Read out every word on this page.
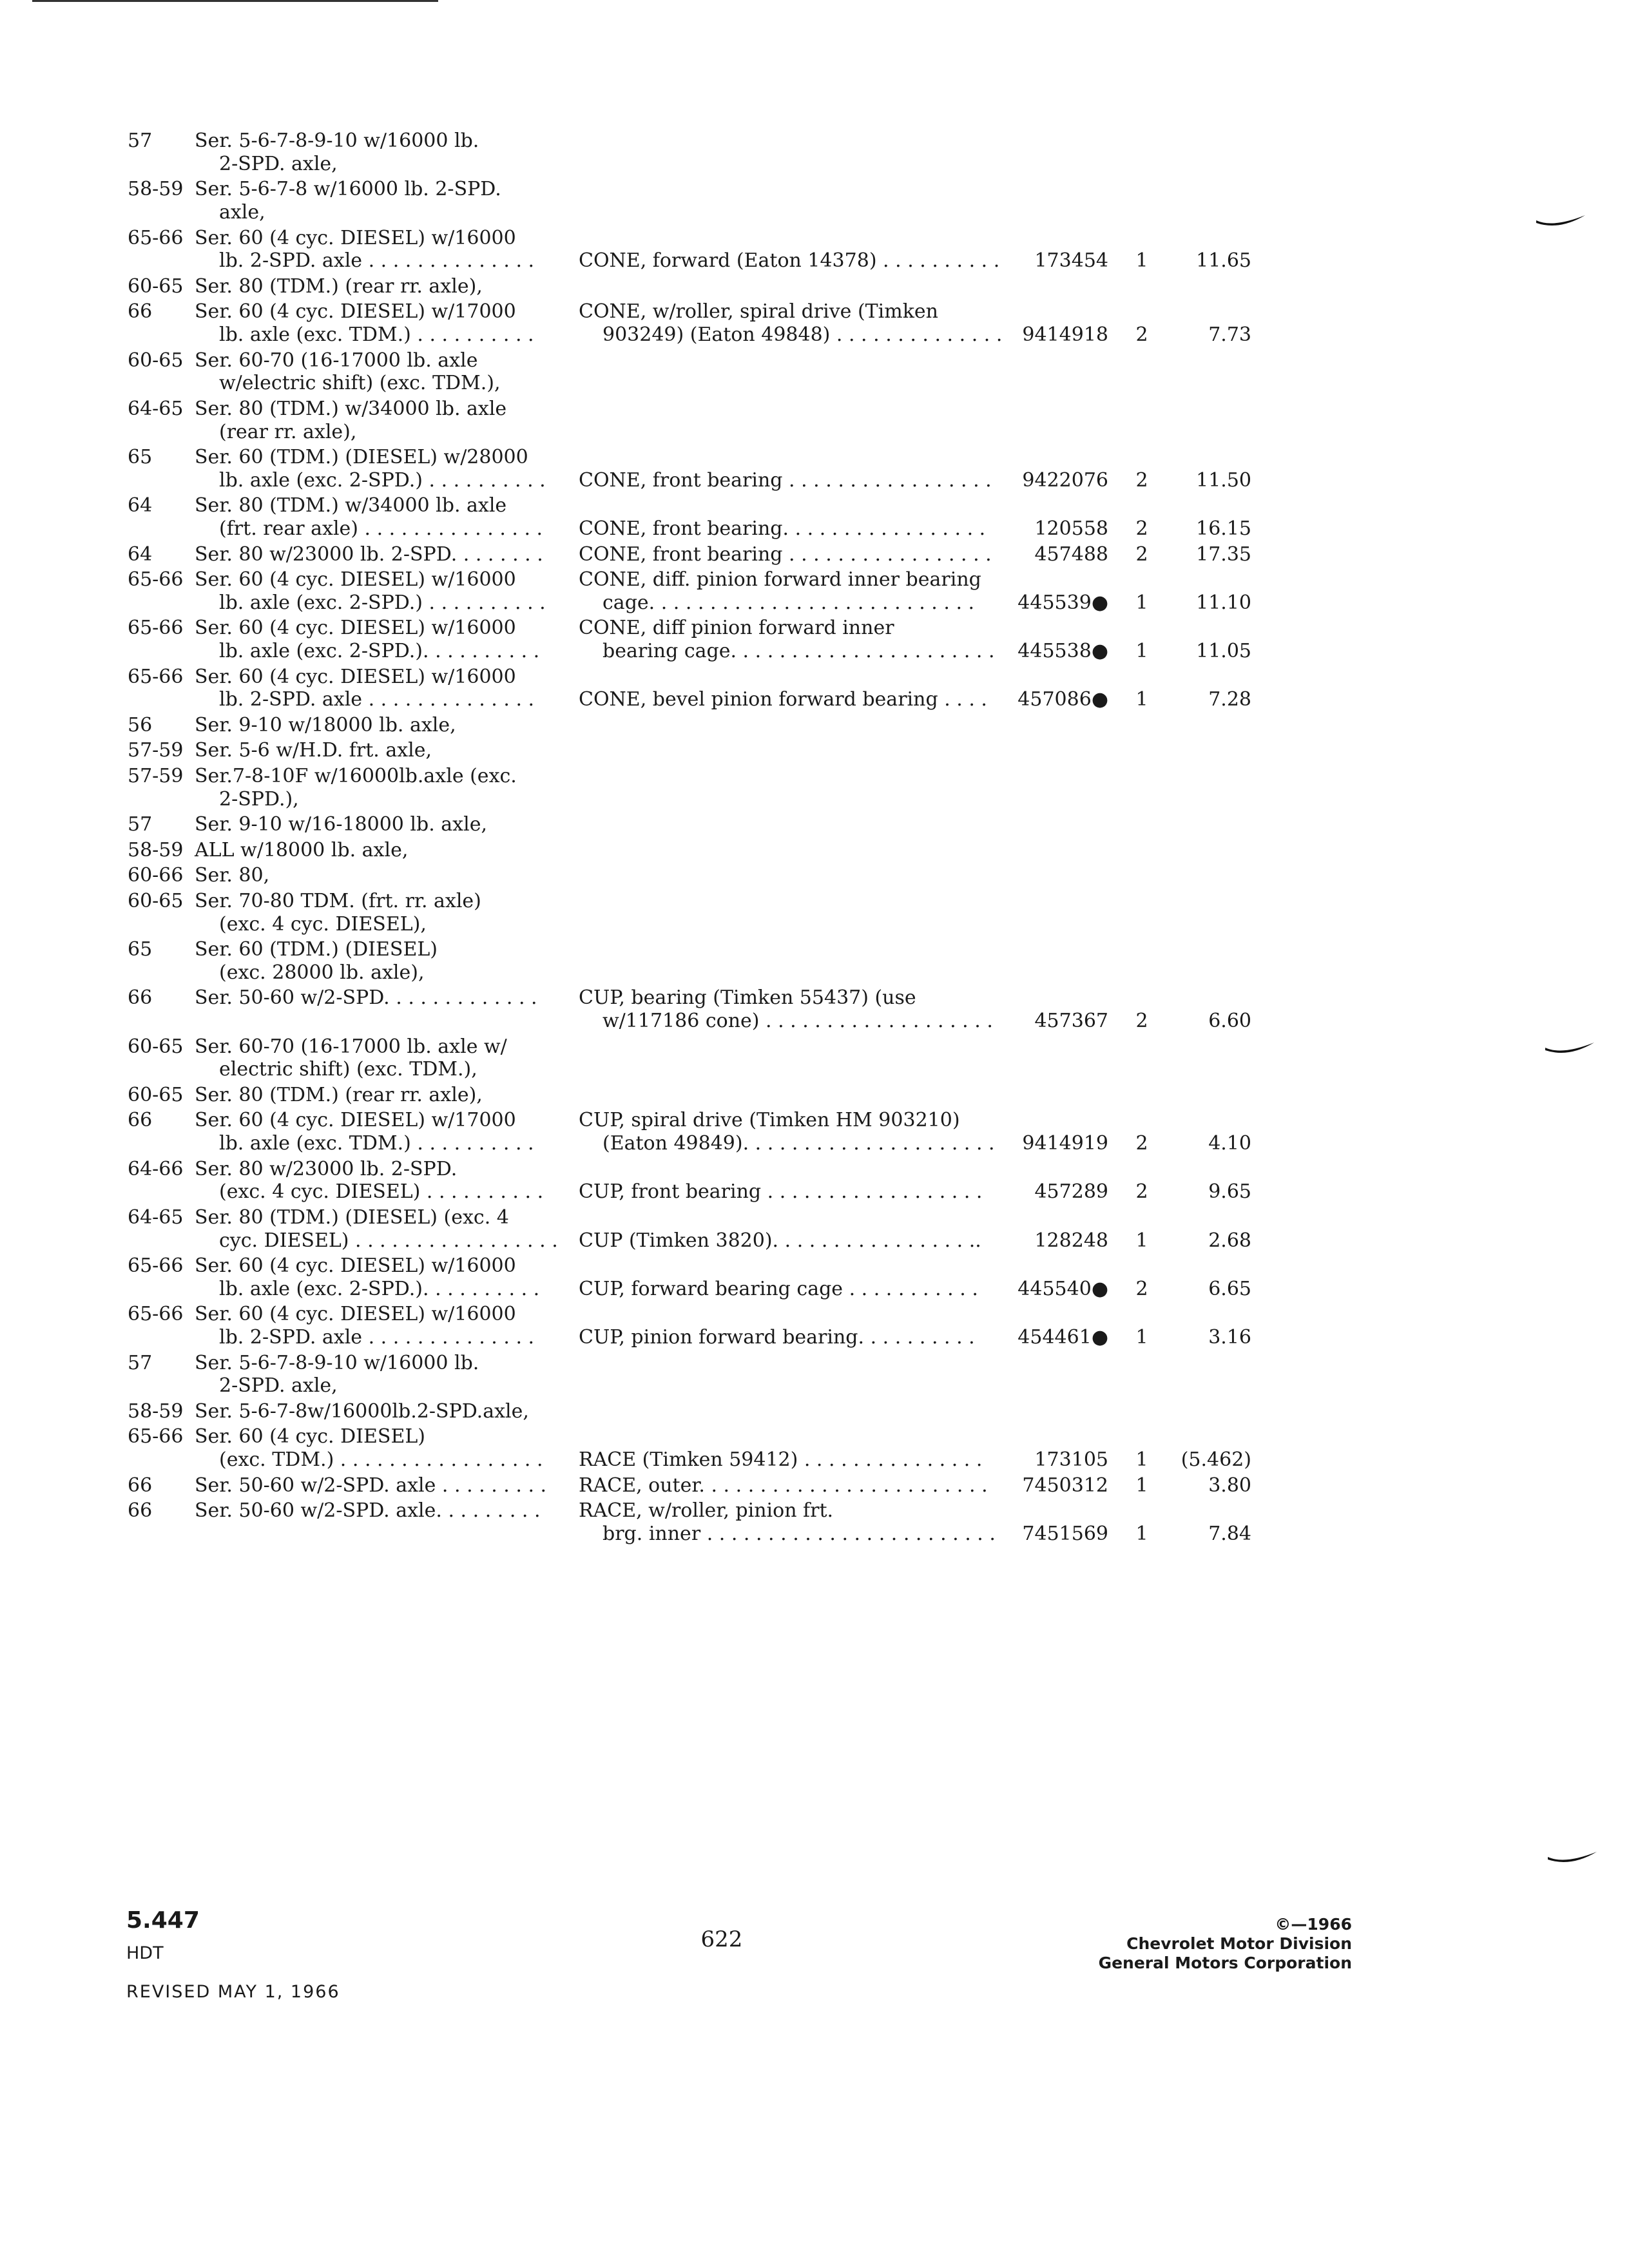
57 Ser. 5-6-7-8-9-10 w/16000 lb.
2-SPD. axle,
58-59 Ser. 5-6-7-8 w/16000 lb. 2-SPD.
axle,
65-66 Ser. 60 (4 cyc. DIESEL) w/16000
lb. 2-SPD. axle . . . . . . . . . . . . . . CONE, forward (Eaton 14378) . . . . . . . . . .	173454	1	11.65
60-65 Ser. 80 (TDM.) (rear rr. axle),
66 Ser. 60 (4 cyc. DIESEL) w/17000	CONE, w/roller, spiral drive (Timken
lb. axle (exc. TDM.) . . . . . . . . . .	903249) (Eaton 49848) . . . . . . . . . . . . . .	9414918	2	7.73
60-65 Ser. 60-70 (16-17000 lb. axle
w/electric shift) (exc. TDM.),
64-65 Ser. 80 (TDM.) w/34000 lb. axle
(rear rr. axle),
65 Ser. 60 (TDM.) (DIESEL) w/28000
lb. axle (exc. 2-SPD.) . . . . . . . . . . CONE, front bearing . . . . . . . . . . . . . . . . .	9422076	2	11.50
64 Ser. 80 (TDM.) w/34000 lb. axle
(frt. rear axle) . . . . . . . . . . . . . . . CONE, front bearing. . . . . . . . . . . . . . . . .	120558	2	16.15
64 Ser. 80 w/23000 lb. 2-SPD. . . . . . . . CONE, front bearing . . . . . . . . . . . . . . . . .	457488	2	17.35
65-66 Ser. 60 (4 cyc. DIESEL) w/16000	CONE, diff. pinion forward inner bearing
lb. axle (exc. 2-SPD.) . . . . . . . . . .	cage. . . . . . . . . . . . . . . . . . . . . . . . . . .	445539●	1	11.10
65-66 Ser. 60 (4 cyc. DIESEL) w/16000	CONE, diff pinion forward inner
lb. axle (exc. 2-SPD.). . . . . . . . . .	bearing cage. . . . . . . . . . . . . . . . . . . . . .	445538●	1	11.05
65-66 Ser. 60 (4 cyc. DIESEL) w/16000
lb. 2-SPD. axle . . . . . . . . . . . . . . CONE, bevel pinion forward bearing . . . .	457086●	1	7.28
56 Ser. 9-10 w/18000 lb. axle,
57-59 Ser. 5-6 w/H.D. frt. axle,
57-59 Ser.7-8-10F w/16000lb.axle (exc.
2-SPD.),
57 Ser. 9-10 w/16-18000 lb. axle,
58-59 ALL w/18000 lb. axle,
60-66 Ser. 80,
60-65 Ser. 70-80 TDM. (frt. rr. axle)
(exc. 4 cyc. DIESEL),
65 Ser. 60 (TDM.) (DIESEL)
(exc. 28000 lb. axle),
66 Ser. 50-60 w/2-SPD. . . . . . . . . . . . . CUP, bearing (Timken 55437) (use
w/117186 cone) . . . . . . . . . . . . . . . . . . .	457367	2	6.60
60-65 Ser. 60-70 (16-17000 lb. axle w/
electric shift) (exc. TDM.),
60-65 Ser. 80 (TDM.) (rear rr. axle),
66 Ser. 60 (4 cyc. DIESEL) w/17000	CUP, spiral drive (Timken HM 903210)
lb. axle (exc. TDM.) . . . . . . . . . .	(Eaton 49849). . . . . . . . . . . . . . . . . . . . .	9414919	2	4.10
64-66 Ser. 80 w/23000 lb. 2-SPD.
(exc. 4 cyc. DIESEL) . . . . . . . . . . CUP, front bearing . . . . . . . . . . . . . . . . . .	457289	2	9.65
64-65 Ser. 80 (TDM.) (DIESEL) (exc. 4
cyc. DIESEL) . . . . . . . . . . . . . . . . . CUP (Timken 3820). . . . . . . . . . . . . . . . ..	128248	1	2.68
65-66 Ser. 60 (4 cyc. DIESEL) w/16000
lb. axle (exc. 2-SPD.). . . . . . . . . . CUP, forward bearing cage . . . . . . . . . . .	445540●	2	6.65
65-66 Ser. 60 (4 cyc. DIESEL) w/16000
lb. 2-SPD. axle . . . . . . . . . . . . . . CUP, pinion forward bearing. . . . . . . . . .	454461●	1	3.16
57 Ser. 5-6-7-8-9-10 w/16000 lb.
2-SPD. axle,
58-59 Ser. 5-6-7-8w/16000lb.2-SPD.axle,
65-66 Ser. 60 (4 cyc. DIESEL)
(exc. TDM.) . . . . . . . . . . . . . . . . . RACE (Timken 59412) . . . . . . . . . . . . . . .	173105	1	(5.462)
66 Ser. 50-60 w/2-SPD. axle . . . . . . . . . RACE, outer. . . . . . . . . . . . . . . . . . . . . . . .	7450312	1	3.80
66 Ser. 50-60 w/2-SPD. axle. . . . . . . . . RACE, w/roller, pinion frt.
brg. inner . . . . . . . . . . . . . . . . . . . . . . . .	7451569	1	7.84
5.447
HDT
REVISED MAY 1, 1966
622
©—1966
Chevrolet Motor Division
General Motors Corporation
